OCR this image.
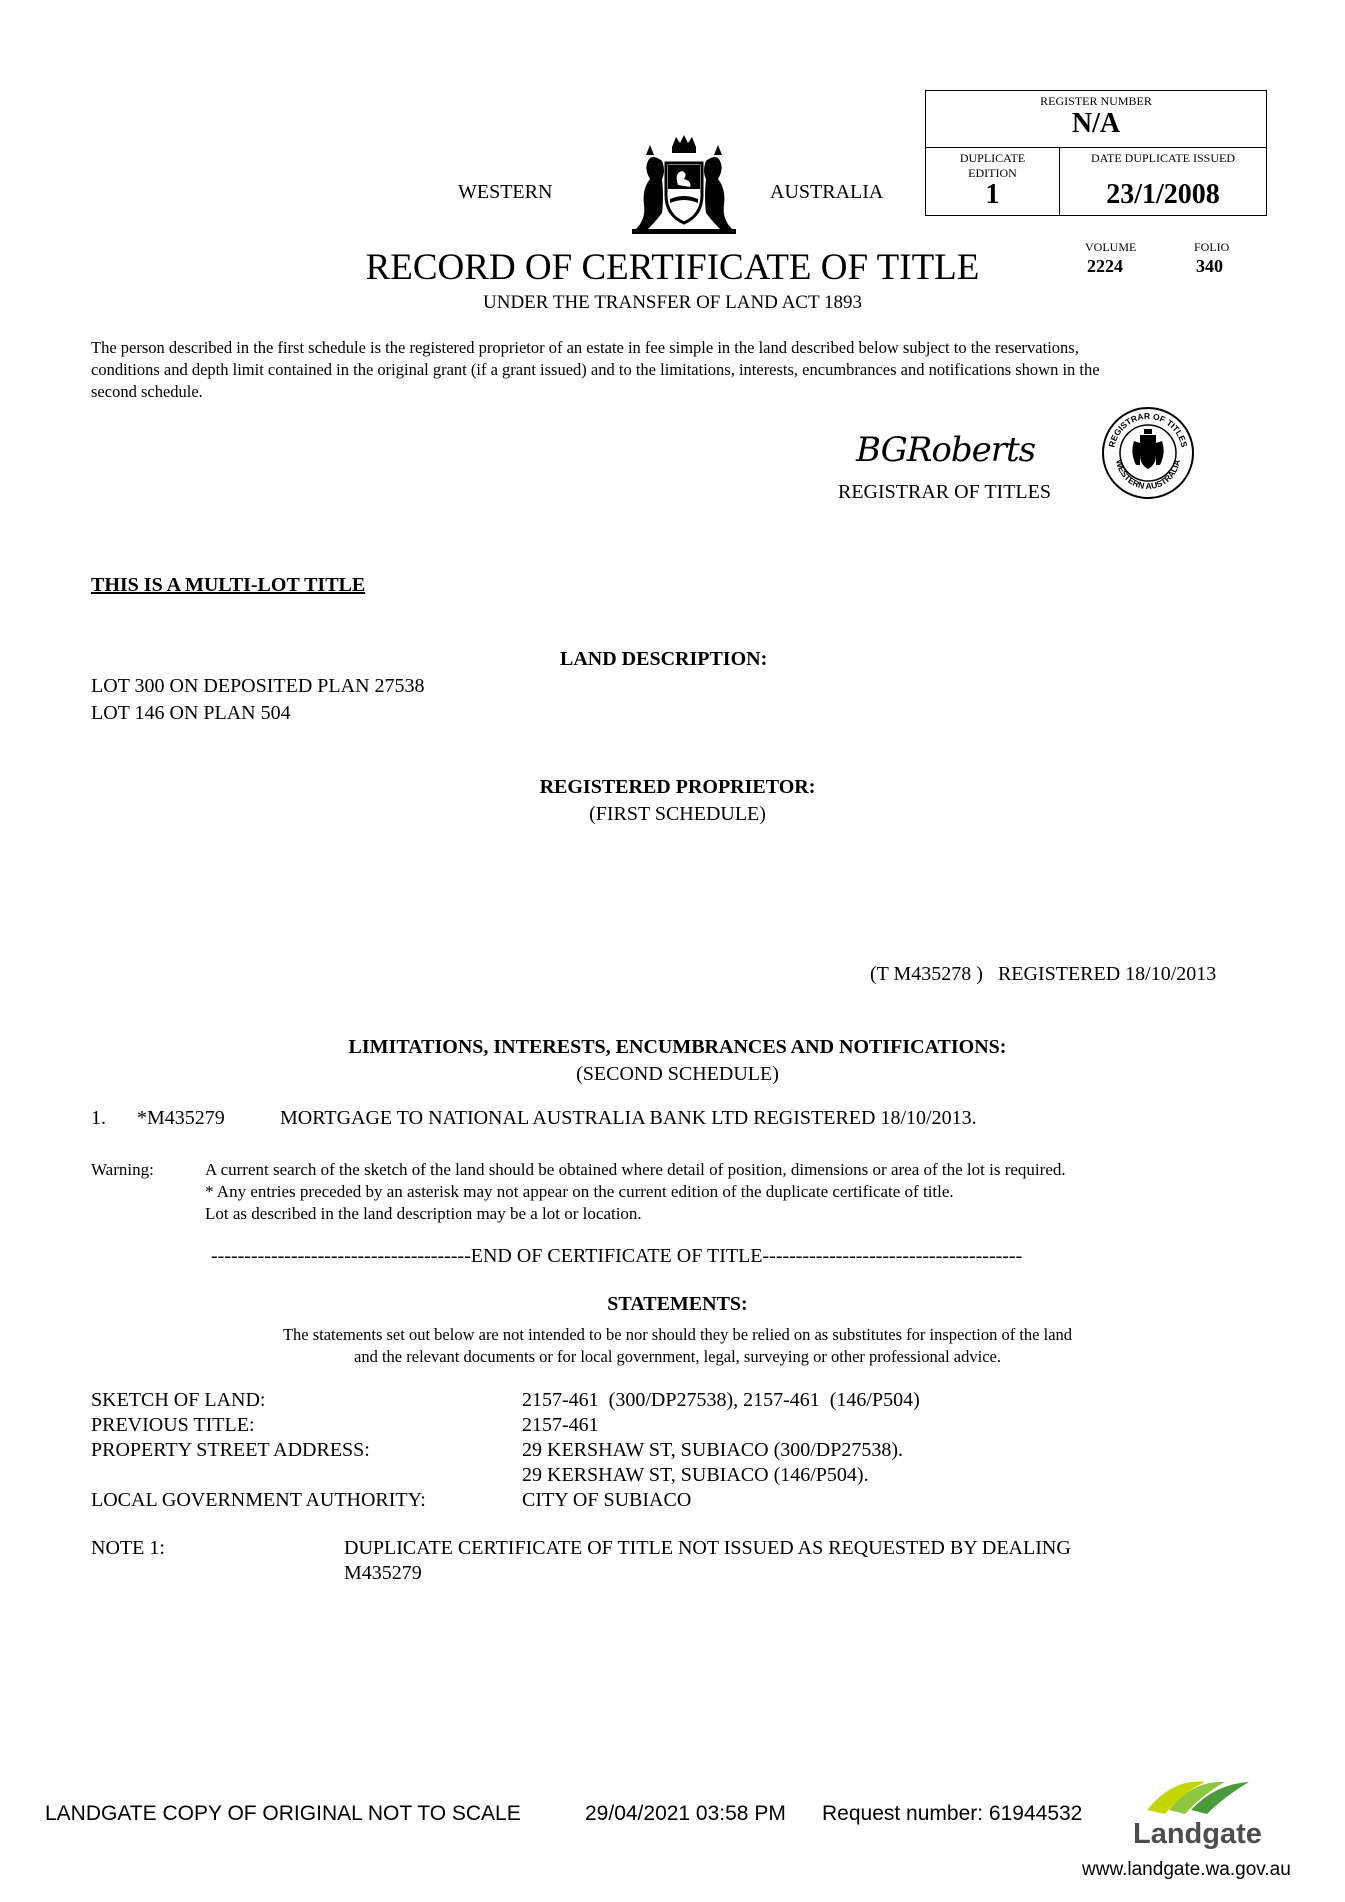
REGISTER NUMBER
N/A
DUPLICATE
EDITION
1
DATE DUPLICATE ISSUED
23/1/2008
VOLUME
2224
FOLIO
340
WESTERN	AUSTRALIA
RECORD OF CERTIFICATE OF TITLE
UNDER THE TRANSFER OF LAND ACT 1893
The person described in the first schedule is the registered proprietor of an estate in fee simple in the land described below subject to the reservations, conditions and depth limit contained in the original grant (if a grant issued) and to the limitations, interests, encumbrances and notifications shown in the second schedule.
BGRoberts
REGISTRAR OF TITLES
REGISTRAR OF TITLES
WESTERN AUSTRALIA
THIS IS A MULTI-LOT TITLE
LAND DESCRIPTION:
LOT 300 ON DEPOSITED PLAN 27538
LOT 146 ON PLAN 504
REGISTERED PROPRIETOR:
(FIRST SCHEDULE)
(T M435278 )   REGISTERED 18/10/2013
LIMITATIONS, INTERESTS, ENCUMBRANCES AND NOTIFICATIONS:
(SECOND SCHEDULE)
1. *M435279	MORTGAGE TO NATIONAL AUSTRALIA BANK LTD REGISTERED 18/10/2013.
Warning:	A current search of the sketch of the land should be obtained where detail of position, dimensions or area of the lot is required.
* Any entries preceded by an asterisk may not appear on the current edition of the duplicate certificate of title.
Lot as described in the land description may be a lot or location.
---------------------------------------END OF CERTIFICATE OF TITLE---------------------------------------
STATEMENTS:
The statements set out below are not intended to be nor should they be relied on as substitutes for inspection of the land
and the relevant documents or for local government, legal, surveying or other professional advice.
SKETCH OF LAND:	2157-461  (300/DP27538), 2157-461  (146/P504)
PREVIOUS TITLE:	2157-461
PROPERTY STREET ADDRESS:	29 KERSHAW ST, SUBIACO (300/DP27538).
29 KERSHAW ST, SUBIACO (146/P504).
LOCAL GOVERNMENT AUTHORITY:	CITY OF SUBIACO
NOTE 1:	DUPLICATE CERTIFICATE OF TITLE NOT ISSUED AS REQUESTED BY DEALING
M435279
LANDGATE COPY OF ORIGINAL NOT TO SCALE	29/04/2021 03:58 PM Request number: 61944532
Landgate
www.landgate.wa.gov.au
